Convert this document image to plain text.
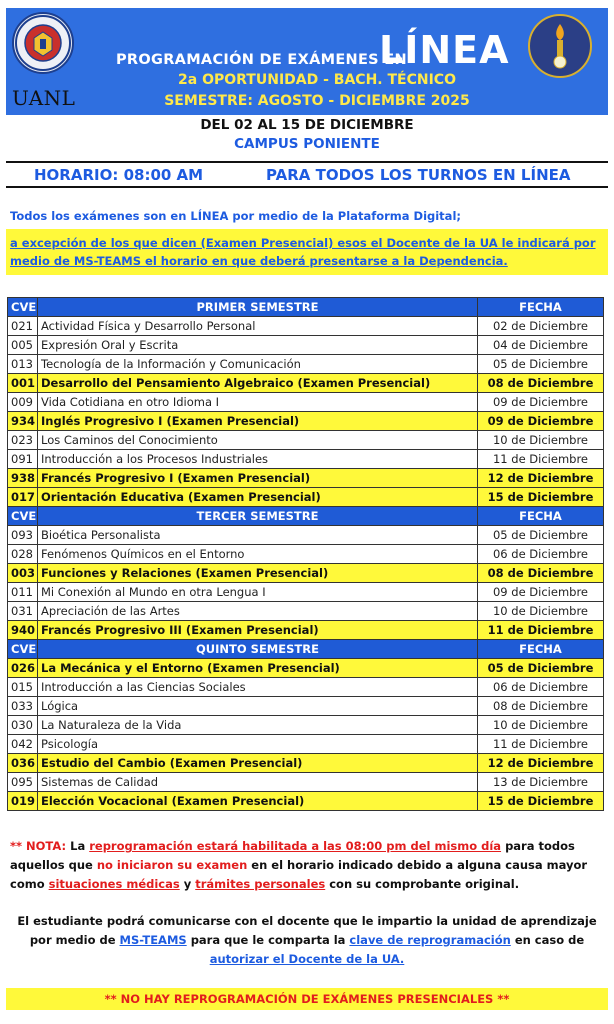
PROGRAMACIÓN DE EXÁMENES EN
LÍNEA
UANL
2a OPORTUNIDAD - BACH. TÉCNICO
SEMESTRE: AGOSTO - DICIEMBRE 2025
DEL 02 AL 15 DE DICIEMBRE
CAMPUS PONIENTE
HORARIO: 08:00 AM	PARA TODOS LOS TURNOS EN LÍNEA
Todos los exámenes son en LÍNEA por medio de la Plataforma Digital;
a excepción de los que dicen (Examen Presencial) esos el Docente de la UA le indicará por medio de MS-TEAMS el horario en que deberá presentarse a la Dependencia.
CVE	PRIMER SEMESTRE	FECHA
021	Actividad Física y Desarrollo Personal	02 de Diciembre
005	Expresión Oral y Escrita	04 de Diciembre
013	Tecnología de la Información y Comunicación	05 de Diciembre
001	Desarrollo del Pensamiento Algebraico (Examen Presencial)	08 de Diciembre
009	Vida Cotidiana en otro Idioma I	09 de Diciembre
934	Inglés Progresivo I (Examen Presencial)	09 de Diciembre
023	Los Caminos del Conocimiento	10 de Diciembre
091	Introducción a los Procesos Industriales	11 de Diciembre
938	Francés Progresivo I (Examen Presencial)	12 de Diciembre
017	Orientación Educativa (Examen Presencial)	15 de Diciembre
CVE	TERCER SEMESTRE	FECHA
093	Bioética Personalista	05 de Diciembre
028	Fenómenos Químicos en el Entorno	06 de Diciembre
003	Funciones y Relaciones (Examen Presencial)	08 de Diciembre
011	Mi Conexión al Mundo en otra Lengua I	09 de Diciembre
031	Apreciación de las Artes	10 de Diciembre
940	Francés Progresivo III (Examen Presencial)	11 de Diciembre
CVE	QUINTO SEMESTRE	FECHA
026	La Mecánica y el Entorno (Examen Presencial)	05 de Diciembre
015	Introducción a las Ciencias Sociales	06 de Diciembre
033	Lógica	08 de Diciembre
030	La Naturaleza de la Vida	10 de Diciembre
042	Psicología	11 de Diciembre
036	Estudio del Cambio (Examen Presencial)	12 de Diciembre
095	Sistemas de Calidad	13 de Diciembre
019	Elección Vocacional (Examen Presencial)	15 de Diciembre
** NOTA: La reprogramación estará habilitada a las 08:00 pm del mismo día para todos aquellos que no iniciaron su examen en el horario indicado debido a alguna causa mayor como situaciones médicas y trámites personales con su comprobante original.
El estudiante podrá comunicarse con el docente que le impartio la unidad de aprendizaje por medio de MS-TEAMS para que le comparta la clave de reprogramación en caso de autorizar el Docente de la UA.
** NO HAY REPROGRAMACIÓN DE EXÁMENES PRESENCIALES **
